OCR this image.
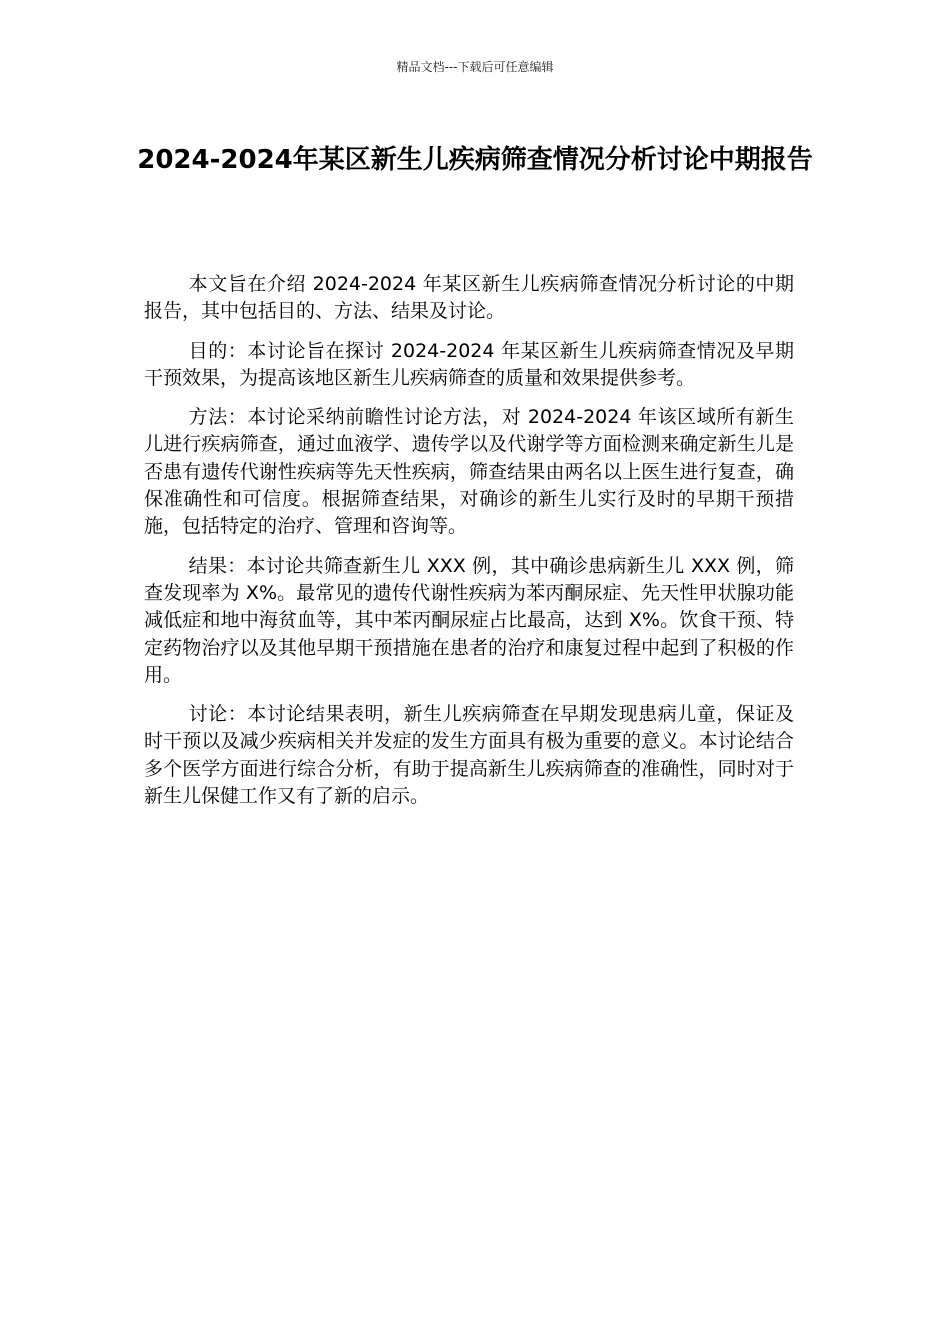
精品文档---下载后可任意编辑
2024-2024年某区新生儿疾病筛查情况分析讨论中期报告

本文旨在介绍 2024-2024 年某区新生儿疾病筛查情况分析讨论的中期报告，其中包括目的、方法、结果及讨论。

目的：本讨论旨在探讨 2024-2024 年某区新生儿疾病筛查情况及早期干预效果，为提高该地区新生儿疾病筛查的质量和效果提供参考。

方法：本讨论采纳前瞻性讨论方法，对 2024-2024 年该区域所有新生儿进行疾病筛查，通过血液学、遗传学以及代谢学等方面检测来确定新生儿是否患有遗传代谢性疾病等先天性疾病，筛查结果由两名以上医生进行复查，确保准确性和可信度。根据筛查结果，对确诊的新生儿实行及时的早期干预措施，包括特定的治疗、管理和咨询等。

结果：本讨论共筛查新生儿 XXX 例，其中确诊患病新生儿 XXX 例，筛查发现率为 X%。最常见的遗传代谢性疾病为苯丙酮尿症、先天性甲状腺功能减低症和地中海贫血等，其中苯丙酮尿症占比最高，达到 X%。饮食干预、特定药物治疗以及其他早期干预措施在患者的治疗和康复过程中起到了积极的作用。

讨论：本讨论结果表明，新生儿疾病筛查在早期发现患病儿童，保证及时干预以及减少疾病相关并发症的发生方面具有极为重要的意义。本讨论结合多个医学方面进行综合分析，有助于提高新生儿疾病筛查的准确性，同时对于新生儿保健工作又有了新的启示。
